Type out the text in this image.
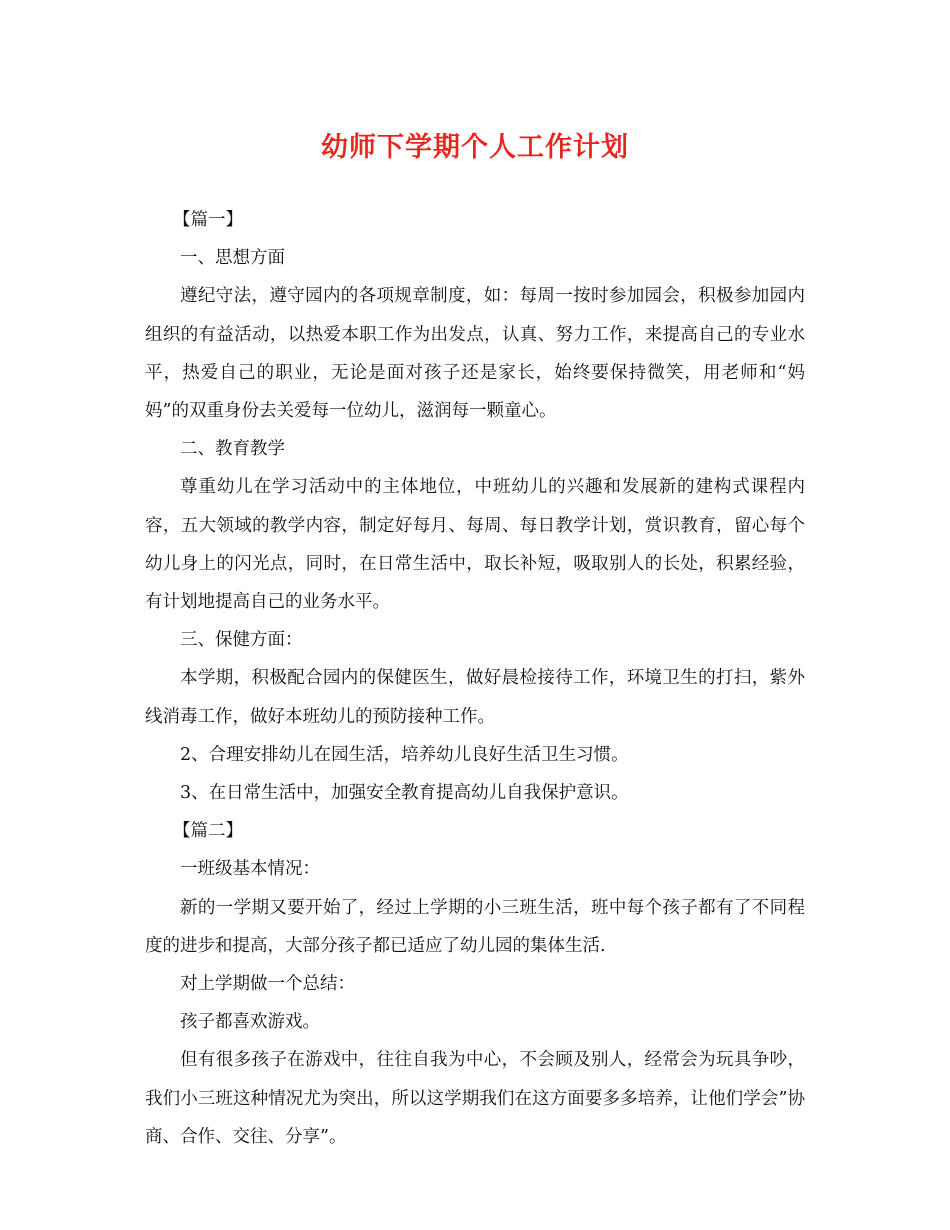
幼师下学期个人工作计划

【篇一】

一、思想方面

遵纪守法，遵守园内的各项规章制度，如：每周一按时参加园会，积极参加园内组织的有益活动，以热爱本职工作为出发点，认真、努力工作，来提高自己的专业水平，热爱自己的职业，无论是面对孩子还是家长，始终要保持微笑，用老师和“妈妈”的双重身份去关爱每一位幼儿，滋润每一颗童心。

二、教育教学

尊重幼儿在学习活动中的主体地位，中班幼儿的兴趣和发展新的建构式课程内容，五大领域的教学内容，制定好每月、每周、每日教学计划，赏识教育，留心每个幼儿身上的闪光点，同时，在日常生活中，取长补短，吸取别人的长处，积累经验，有计划地提高自己的业务水平。

三、保健方面：

本学期，积极配合园内的保健医生，做好晨检接待工作，环境卫生的打扫，紫外线消毒工作，做好本班幼儿的预防接种工作。

2、合理安排幼儿在园生活，培养幼儿良好生活卫生习惯。

3、在日常生活中，加强安全教育提高幼儿自我保护意识。

【篇二】

一班级基本情况：

新的一学期又要开始了，经过上学期的小三班生活，班中每个孩子都有了不同程度的进步和提高，大部分孩子都已适应了幼儿园的集体生活.

对上学期做一个总结：

孩子都喜欢游戏。

但有很多孩子在游戏中，往往自我为中心，不会顾及别人，经常会为玩具争吵，我们小三班这种情况尤为突出，所以这学期我们在这方面要多多培养，让他们学会”协商、合作、交往、分享”。
